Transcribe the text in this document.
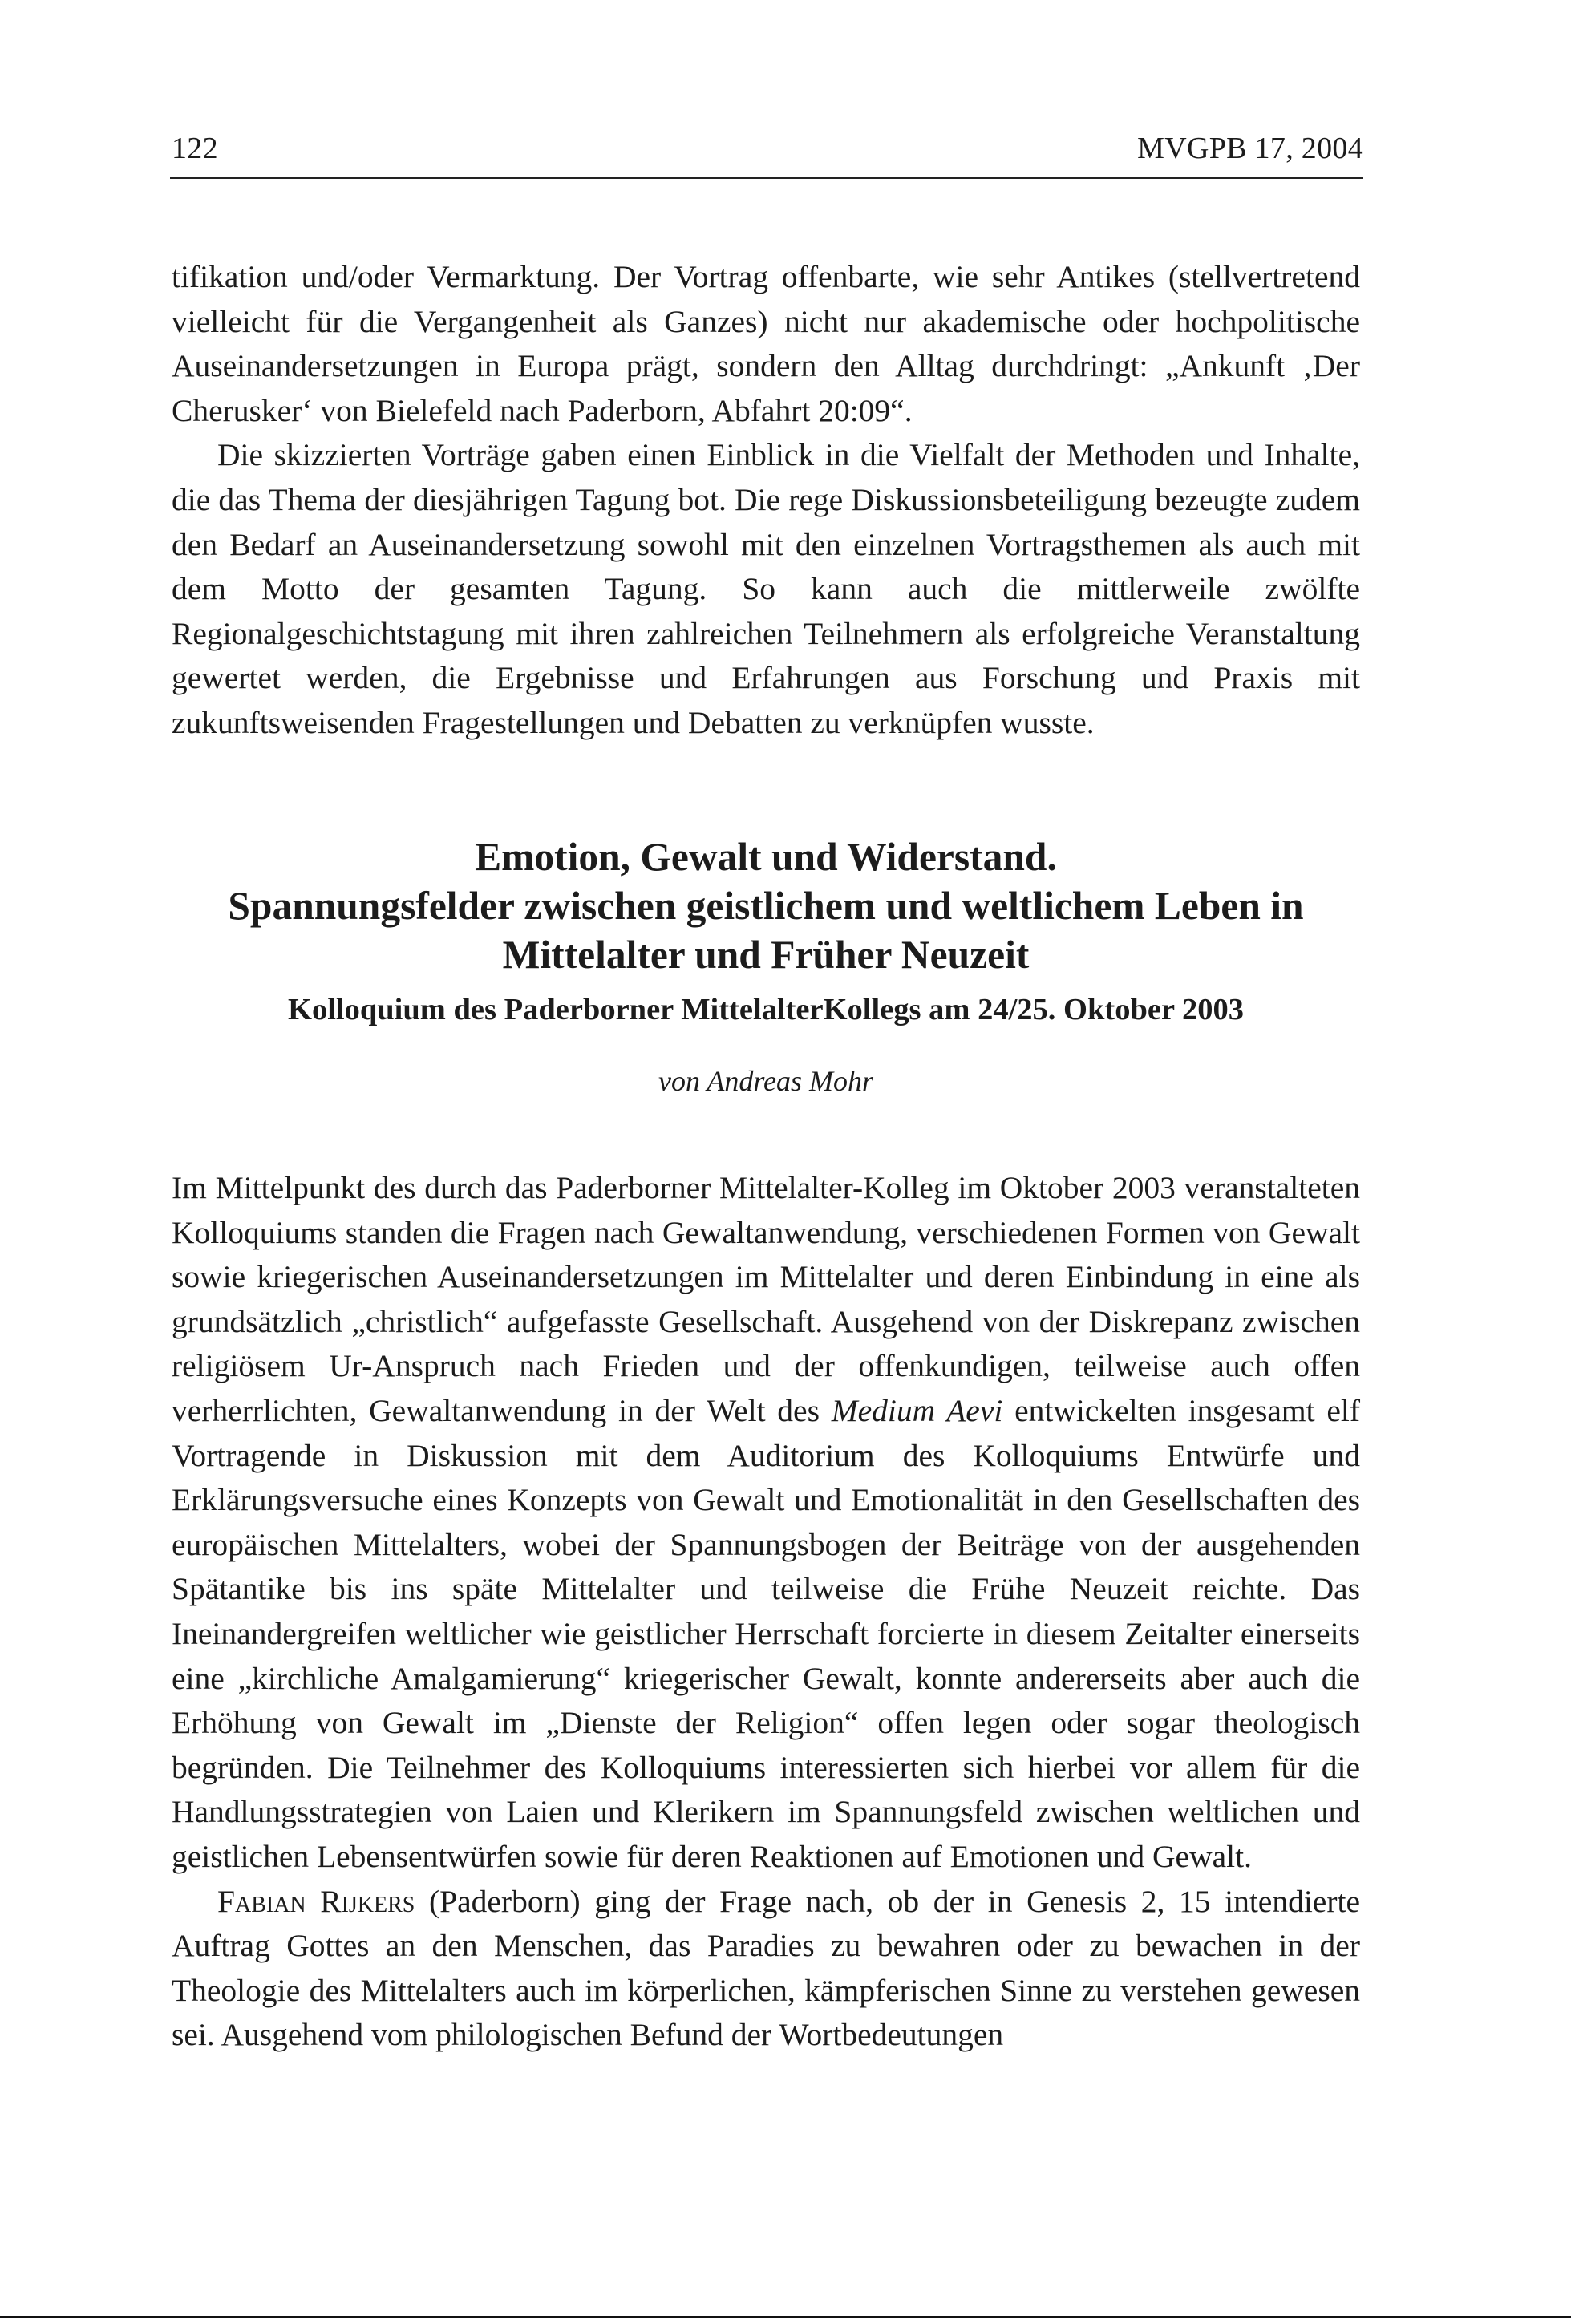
122	MVGPB 17, 2004

tifikation und/oder Vermarktung. Der Vortrag offenbarte, wie sehr Antikes (stellvertretend vielleicht für die Vergangenheit als Ganzes) nicht nur akademische oder hochpolitische Auseinandersetzungen in Europa prägt, sondern den Alltag durchdringt: „Ankunft ‚Der Cherusker‘ von Bielefeld nach Paderborn, Abfahrt 20:09“.

Die skizzierten Vorträge gaben einen Einblick in die Vielfalt der Methoden und Inhalte, die das Thema der diesjährigen Tagung bot. Die rege Diskussionsbeteiligung bezeugte zudem den Bedarf an Auseinandersetzung sowohl mit den einzelnen Vortragsthemen als auch mit dem Motto der gesamten Tagung. So kann auch die mittlerweile zwölfte Regionalgeschichtstagung mit ihren zahlreichen Teilnehmern als erfolgreiche Veranstaltung gewertet werden, die Ergebnisse und Erfahrungen aus Forschung und Praxis mit zukunftsweisenden Fragestellungen und Debatten zu verknüpfen wusste.

Emotion, Gewalt und Widerstand.
Spannungsfelder zwischen geistlichem und weltlichem Leben in
Mittelalter und Früher Neuzeit
Kolloquium des Paderborner MittelalterKollegs am 24/25. Oktober 2003
von Andreas Mohr

Im Mittelpunkt des durch das Paderborner Mittelalter-Kolleg im Oktober 2003 veranstalteten Kolloquiums standen die Fragen nach Gewaltanwendung, verschiedenen Formen von Gewalt sowie kriegerischen Auseinandersetzungen im Mittelalter und deren Einbindung in eine als grundsätzlich „christlich“ aufgefasste Gesellschaft. Ausgehend von der Diskrepanz zwischen religiösem Ur-Anspruch nach Frieden und der offenkundigen, teilweise auch offen verherrlichten, Gewaltanwendung in der Welt des Medium Aevi entwickelten insgesamt elf Vortragende in Diskussion mit dem Auditorium des Kolloquiums Entwürfe und Erklärungsversuche eines Konzepts von Gewalt und Emotionalität in den Gesellschaften des europäischen Mittelalters, wobei der Spannungsbogen der Beiträge von der ausgehenden Spätantike bis ins späte Mittelalter und teilweise die Frühe Neuzeit reichte. Das Ineinandergreifen weltlicher wie geistlicher Herrschaft forcierte in diesem Zeitalter einerseits eine „kirchliche Amalgamierung“ kriegerischer Gewalt, konnte andererseits aber auch die Erhöhung von Gewalt im „Dienste der Religion“ offen legen oder sogar theologisch begründen. Die Teilnehmer des Kolloquiums interessierten sich hierbei vor allem für die Handlungsstrategien von Laien und Klerikern im Spannungsfeld zwischen weltlichen und geistlichen Lebensentwürfen sowie für deren Reaktionen auf Emotionen und Gewalt.

Fabian Rijkers (Paderborn) ging der Frage nach, ob der in Genesis 2, 15 intendierte Auftrag Gottes an den Menschen, das Paradies zu bewahren oder zu bewachen in der Theologie des Mittelalters auch im körperlichen, kämpferischen Sinne zu verstehen gewesen sei. Ausgehend vom philologischen Befund der Wortbedeutungen
